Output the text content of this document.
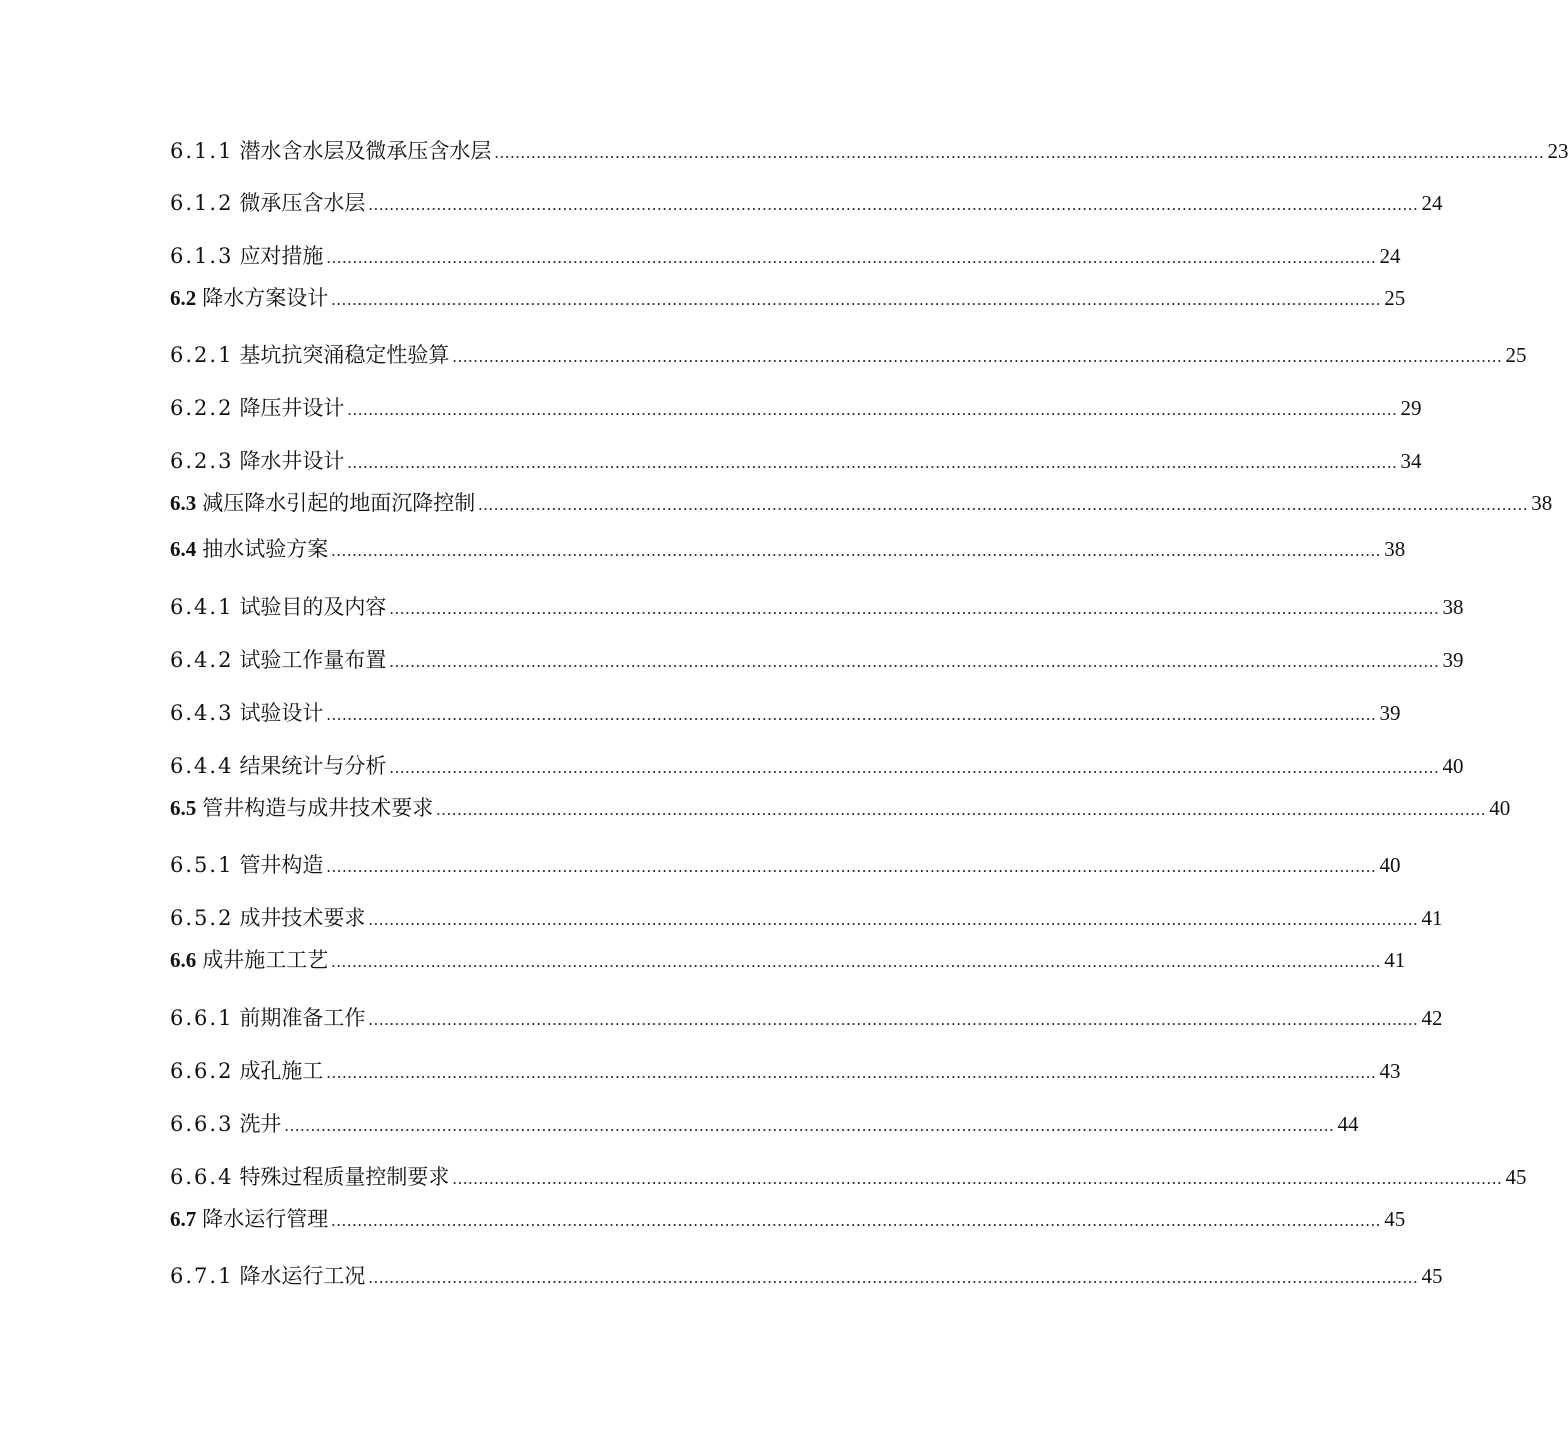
6.1.1 潜水含水层及微承压含水层 ........................................................................................................................................................................................................ 23
6.1.2 微承压含水层 ........................................................................................................................................................................................................ 24
6.1.3 应对措施 ........................................................................................................................................................................................................ 24
6.2 降水方案设计 ........................................................................................................................................................................................................ 25
6.2.1 基坑抗突涌稳定性验算 ........................................................................................................................................................................................................ 25
6.2.2 降压井设计 ........................................................................................................................................................................................................ 29
6.2.3 降水井设计 ........................................................................................................................................................................................................ 34
6.3 减压降水引起的地面沉降控制 ........................................................................................................................................................................................................ 38
6.4 抽水试验方案 ........................................................................................................................................................................................................ 38
6.4.1 试验目的及内容 ........................................................................................................................................................................................................ 38
6.4.2 试验工作量布置 ........................................................................................................................................................................................................ 39
6.4.3 试验设计 ........................................................................................................................................................................................................ 39
6.4.4 结果统计与分析 ........................................................................................................................................................................................................ 40
6.5 管井构造与成井技术要求 ........................................................................................................................................................................................................ 40
6.5.1 管井构造 ........................................................................................................................................................................................................ 40
6.5.2 成井技术要求 ........................................................................................................................................................................................................ 41
6.6 成井施工工艺 ........................................................................................................................................................................................................ 41
6.6.1 前期准备工作 ........................................................................................................................................................................................................ 42
6.6.2 成孔施工 ........................................................................................................................................................................................................ 43
6.6.3 洗井 ........................................................................................................................................................................................................ 44
6.6.4 特殊过程质量控制要求 ........................................................................................................................................................................................................ 45
6.7 降水运行管理 ........................................................................................................................................................................................................ 45
6.7.1 降水运行工况 ........................................................................................................................................................................................................ 45
